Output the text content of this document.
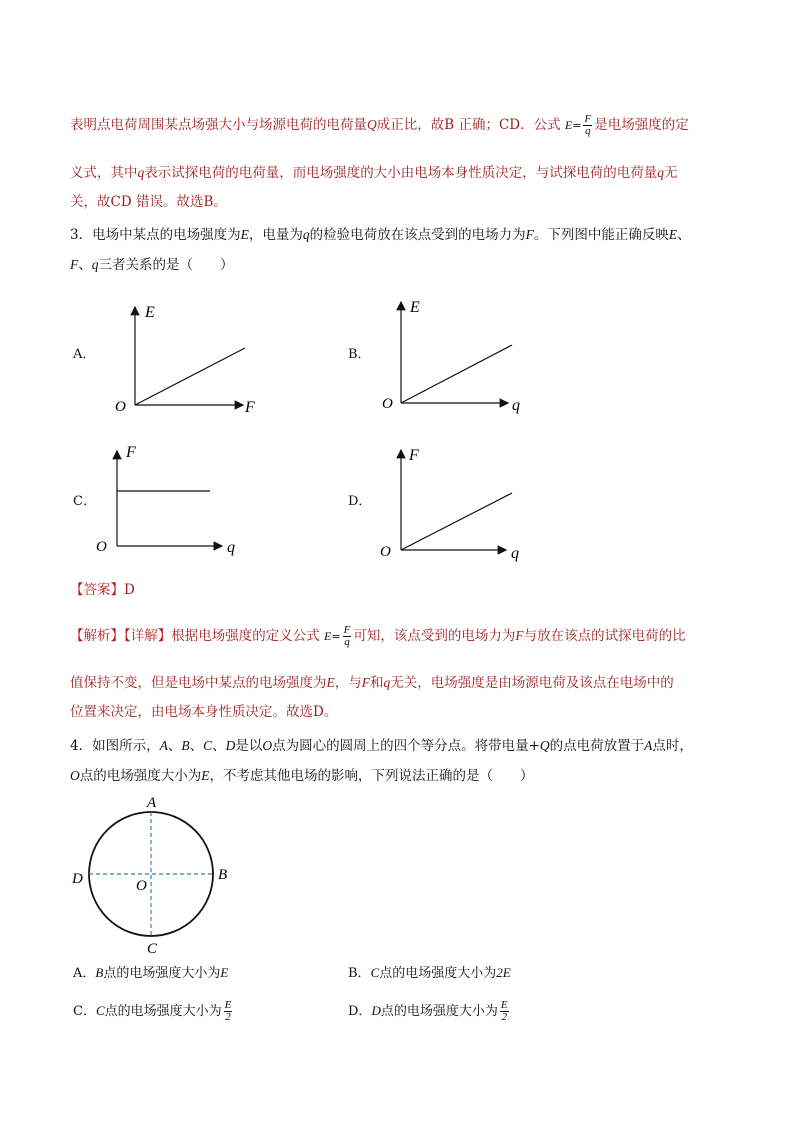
表明点电荷周围某点场强大小与场源电荷的电荷量Q成正比，故B 正确；CD．公式 $E= \frac{F}{q}$ 是电场强度的定
义式，其中q表示试探电荷的电荷量，而电场强度的大小由电场本身性质决定，与试探电荷的电荷量q无
关，故CD 错误。故选B。
3．电场中某点的电场强度为E，电量为q的检验电荷放在该点受到的电场力为F。下列图中能正确反映E、
F、q三者关系的是（　　）
A．
E
F
O
B．
E
q
O
C．
F
q
O
D．
F
q
O
【答案】D
【解析】【详解】根据电场强度的定义公式 $E= \frac{F}{q}$ 可知，该点受到的电场力为F与放在该点的试探电荷的比
值保持不变，但是电场中某点的电场强度为E，与F和q无关，电场强度是由场源电荷及该点在电场中的
位置来决定，由电场本身性质决定。故选D。
4．如图所示，A、B、C、D是以O点为圆心的圆周上的四个等分点。将带电量+Q的点电荷放置于A点时，
O点的电场强度大小为E，不考虑其他电场的影响，下列说法正确的是（　　）
A
B
C
D	O
A．B点的电场强度大小为E	B．C点的电场强度大小为2E
C．C点的电场强度大小为 $\frac{E}{2}$	D．D点的电场强度大小为 $\frac{E}{2}$
